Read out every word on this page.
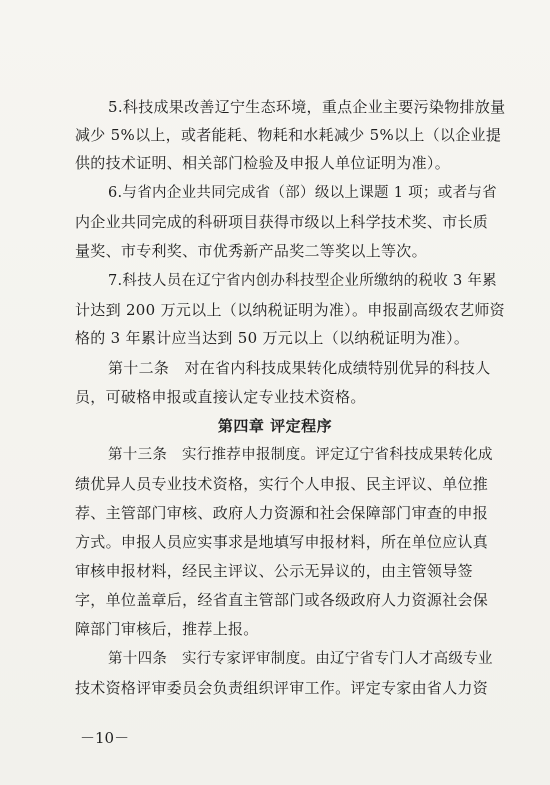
5.科技成果改善辽宁生态环境，重点企业主要污染物排放量
减少 5%以上，或者能耗、物耗和水耗减少 5%以上（以企业提
供的技术证明、相关部门检验及申报人单位证明为准）。
6.与省内企业共同完成省（部）级以上课题 1 项；或者与省
内企业共同完成的科研项目获得市级以上科学技术奖、市长质
量奖、市专利奖、市优秀新产品奖二等奖以上等次。
7.科技人员在辽宁省内创办科技型企业所缴纳的税收 3 年累
计达到 200 万元以上（以纳税证明为准）。申报副高级农艺师资
格的 3 年累计应当达到 50 万元以上（以纳税证明为准）。
第十二条　对在省内科技成果转化成绩特别优异的科技人
员，可破格申报或直接认定专业技术资格。
第四章 评定程序
第十三条　实行推荐申报制度。评定辽宁省科技成果转化成
绩优异人员专业技术资格，实行个人申报、民主评议、单位推
荐、主管部门审核、政府人力资源和社会保障部门审查的申报
方式。申报人员应实事求是地填写申报材料，所在单位应认真
审核申报材料，经民主评议、公示无异议的，由主管领导签
字，单位盖章后，经省直主管部门或各级政府人力资源社会保
障部门审核后，推荐上报。
第十四条　实行专家评审制度。由辽宁省专门人才高级专业
技术资格评审委员会负责组织评审工作。评定专家由省人力资
－10－
